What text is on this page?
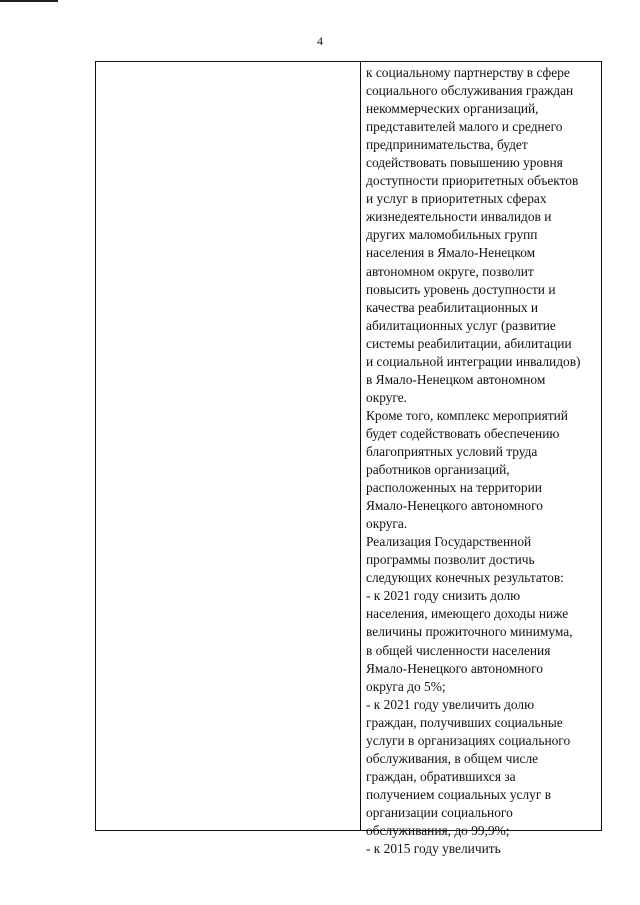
4
к социальному партнерству в сфере
социального обслуживания граждан
некоммерческих организаций,
представителей малого и среднего
предпринимательства, будет
содействовать повышению уровня
доступности приоритетных объектов
и услуг в приоритетных сферах
жизнедеятельности инвалидов и
других маломобильных групп
населения в Ямало-Ненецком
автономном округе, позволит
повысить уровень доступности и
качества реабилитационных и
абилитационных услуг (развитие
системы реабилитации, абилитации
и социальной интеграции инвалидов)
в Ямало-Ненецком автономном
округе.
Кроме того, комплекс мероприятий
будет содействовать обеспечению
благоприятных условий труда
работников организаций,
расположенных на территории
Ямало-Ненецкого автономного
округа.
Реализация Государственной
программы позволит достичь
следующих конечных результатов:
- к 2021 году снизить долю
населения, имеющего доходы ниже
величины прожиточного минимума,
в общей численности населения
Ямало-Ненецкого автономного
округа до 5%;
- к 2021 году увеличить долю
граждан, получивших социальные
услуги в организациях социального
обслуживания, в общем числе
граждан, обратившихся за
получением социальных услуг в
организации социального
обслуживания, до 99,9%;
- к 2015 году увеличить
